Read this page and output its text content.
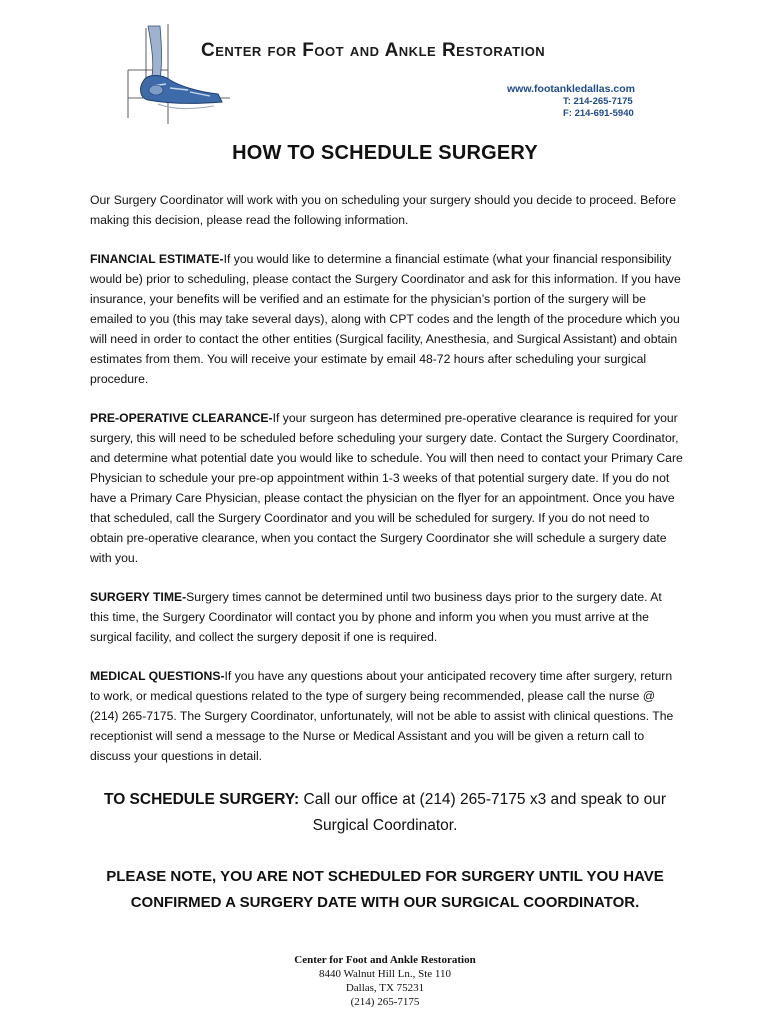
Center for Foot and Ankle Restoration
www.footankledallas.com
T: 214-265-7175
F: 214-691-5940
HOW TO SCHEDULE SURGERY

Our Surgery Coordinator will work with you on scheduling your surgery should you decide to proceed. Before making this decision, please read the following information.

FINANCIAL ESTIMATE-If you would like to determine a financial estimate (what your financial responsibility would be) prior to scheduling, please contact the Surgery Coordinator and ask for this information. If you have insurance, your benefits will be verified and an estimate for the physician’s portion of the surgery will be emailed to you (this may take several days), along with CPT codes and the length of the procedure which you will need in order to contact the other entities (Surgical facility, Anesthesia, and Surgical Assistant) and obtain estimates from them. You will receive your estimate by email 48-72 hours after scheduling your surgical procedure.

PRE-OPERATIVE CLEARANCE-If your surgeon has determined pre-operative clearance is required for your surgery, this will need to be scheduled before scheduling your surgery date. Contact the Surgery Coordinator, and determine what potential date you would like to schedule. You will then need to contact your Primary Care Physician to schedule your pre-op appointment within 1-3 weeks of that potential surgery date. If you do not have a Primary Care Physician, please contact the physician on the flyer for an appointment. Once you have that scheduled, call the Surgery Coordinator and you will be scheduled for surgery. If you do not need to obtain pre-operative clearance, when you contact the Surgery Coordinator she will schedule a surgery date with you.

SURGERY TIME-Surgery times cannot be determined until two business days prior to the surgery date. At this time, the Surgery Coordinator will contact you by phone and inform you when you must arrive at the surgical facility, and collect the surgery deposit if one is required.

MEDICAL QUESTIONS-If you have any questions about your anticipated recovery time after surgery, return to work, or medical questions related to the type of surgery being recommended, please call the nurse @ (214) 265-7175. The Surgery Coordinator, unfortunately, will not be able to assist with clinical questions. The receptionist will send a message to the Nurse or Medical Assistant and you will be given a return call to discuss your questions in detail.

TO SCHEDULE SURGERY: Call our office at (214) 265-7175 x3 and speak to our Surgical Coordinator.
PLEASE NOTE, YOU ARE NOT SCHEDULED FOR SURGERY UNTIL YOU HAVE CONFIRMED A SURGERY DATE WITH OUR SURGICAL COORDINATOR.
Center for Foot and Ankle Restoration
8440 Walnut Hill Ln., Ste 110
Dallas, TX 75231
(214) 265-7175
